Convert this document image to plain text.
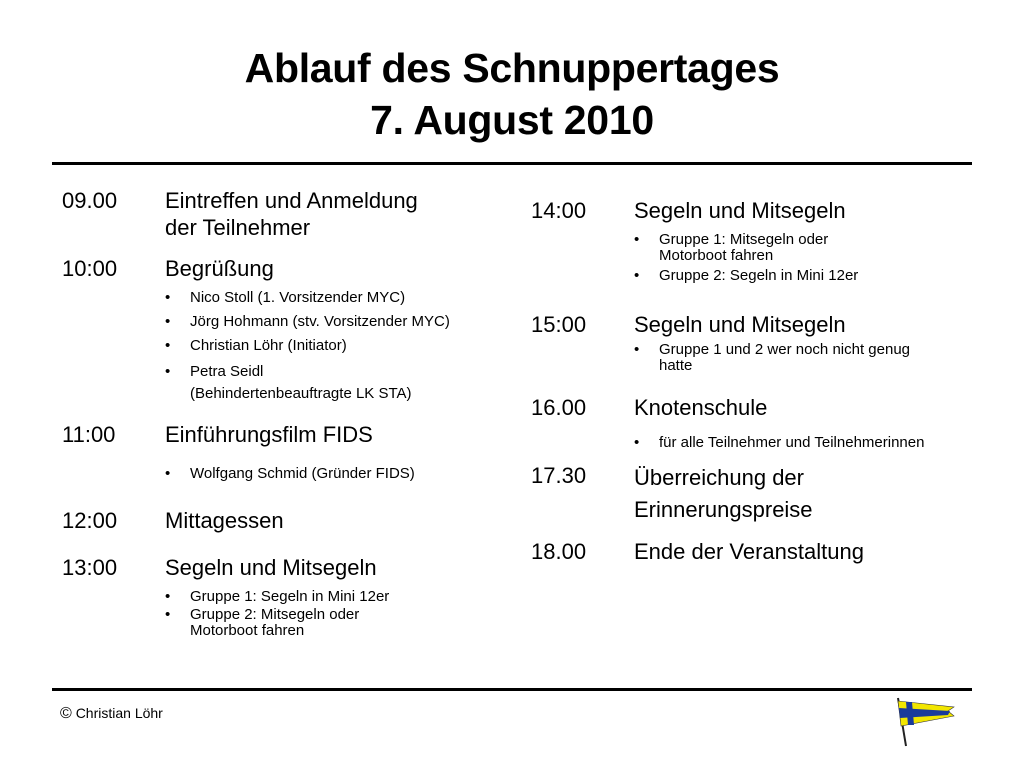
Ablauf des Schnuppertages
7. August 2010
09.00 Eintreffen und Anmeldung
der Teilnehmer
10:00 Begrüßung
• Nico Stoll (1. Vorsitzender MYC)
• Jörg Hohmann (stv. Vorsitzender MYC)
• Christian Löhr (Initiator)
• Petra Seidl
(Behindertenbeauftragte LK STA)
11:00 Einführungsfilm FIDS
• Wolfgang Schmid (Gründer FIDS)
12:00 Mittagessen
13:00 Segeln und Mitsegeln
• Gruppe 1: Segeln in Mini 12er
• Gruppe 2: Mitsegeln oder
Motorboot fahren
14:00 Segeln und Mitsegeln
• Gruppe 1: Mitsegeln oder
Motorboot fahren
• Gruppe 2: Segeln in Mini 12er
15:00 Segeln und Mitsegeln
• Gruppe 1 und 2 wer noch nicht genug
hatte
16.00 Knotenschule
• für alle Teilnehmer und Teilnehmerinnen
17.30 Überreichung der
Erinnerungspreise
18.00 Ende der Veranstaltung
© Christian Löhr
